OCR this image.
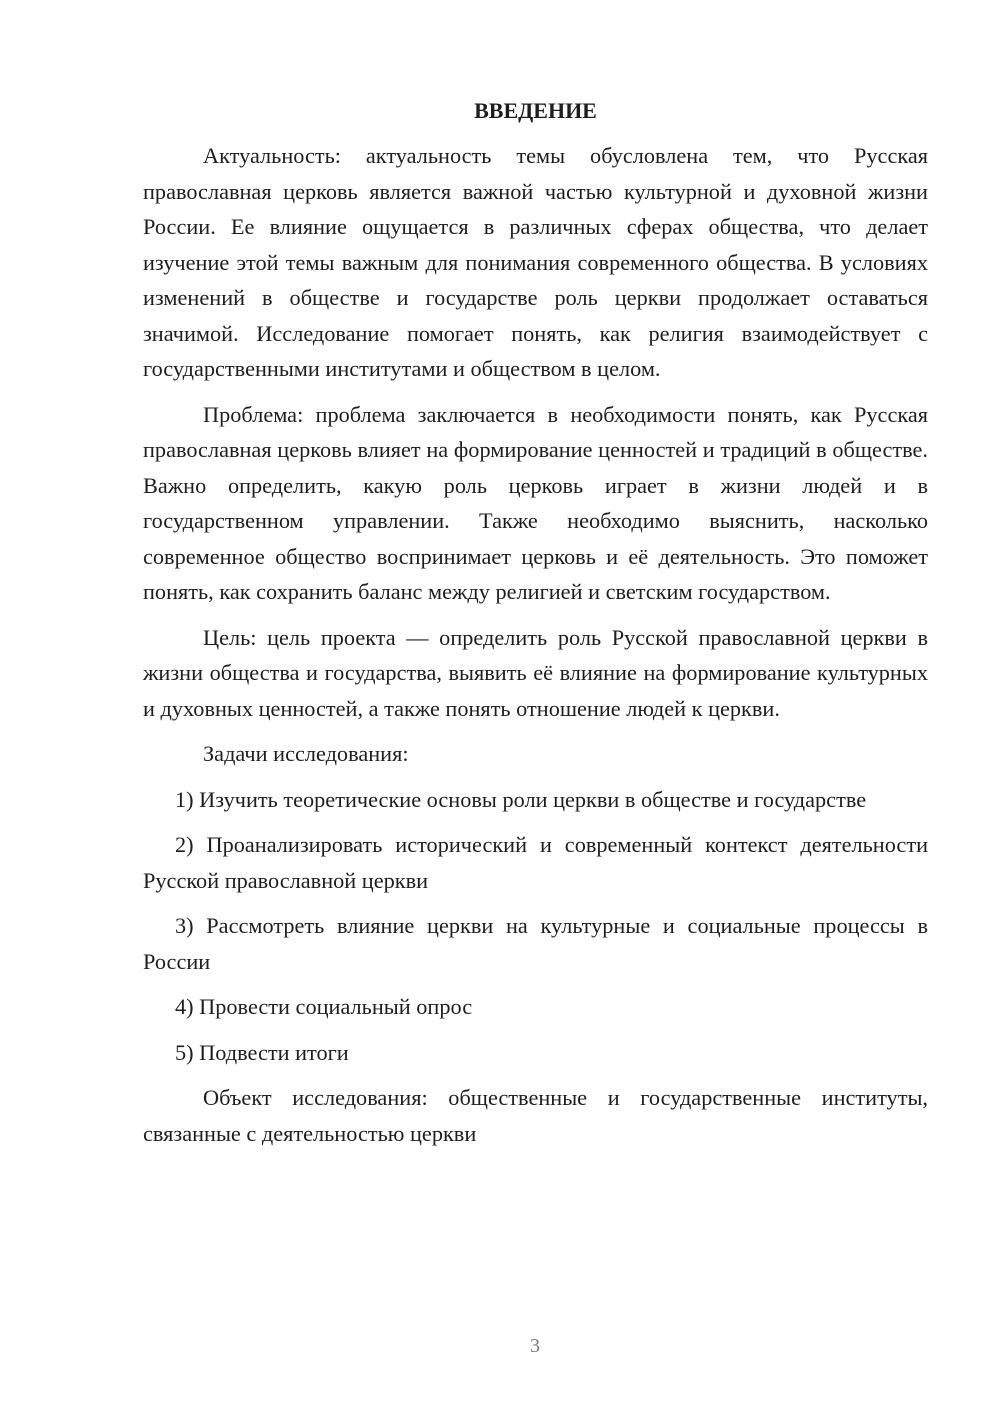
ВВЕДЕНИЕ

Актуальность: актуальность темы обусловлена тем, что Русская православная церковь является важной частью культурной и духовной жизни России. Ее влияние ощущается в различных сферах общества, что делает изучение этой темы важным для понимания современного общества. В условиях изменений в обществе и государстве роль церкви продолжает оставаться значимой. Исследование помогает понять, как религия взаимодействует с государственными институтами и обществом в целом.

Проблема: проблема заключается в необходимости понять, как Русская православная церковь влияет на формирование ценностей и традиций в обществе. Важно определить, какую роль церковь играет в жизни людей и в государственном управлении. Также необходимо выяснить, насколько современное общество воспринимает церковь и её деятельность. Это поможет понять, как сохранить баланс между религией и светским государством.

Цель: цель проекта — определить роль Русской православной церкви в жизни общества и государства, выявить её влияние на формирование культурных и духовных ценностей, а также понять отношение людей к церкви.

Задачи исследования:

1) Изучить теоретические основы роли церкви в обществе и государстве

2) Проанализировать исторический и современный контекст деятельности Русской православной церкви

3) Рассмотреть влияние церкви на культурные и социальные процессы в России

4) Провести социальный опрос

5) Подвести итоги

Объект исследования: общественные и государственные институты, связанные с деятельностью церкви

3
